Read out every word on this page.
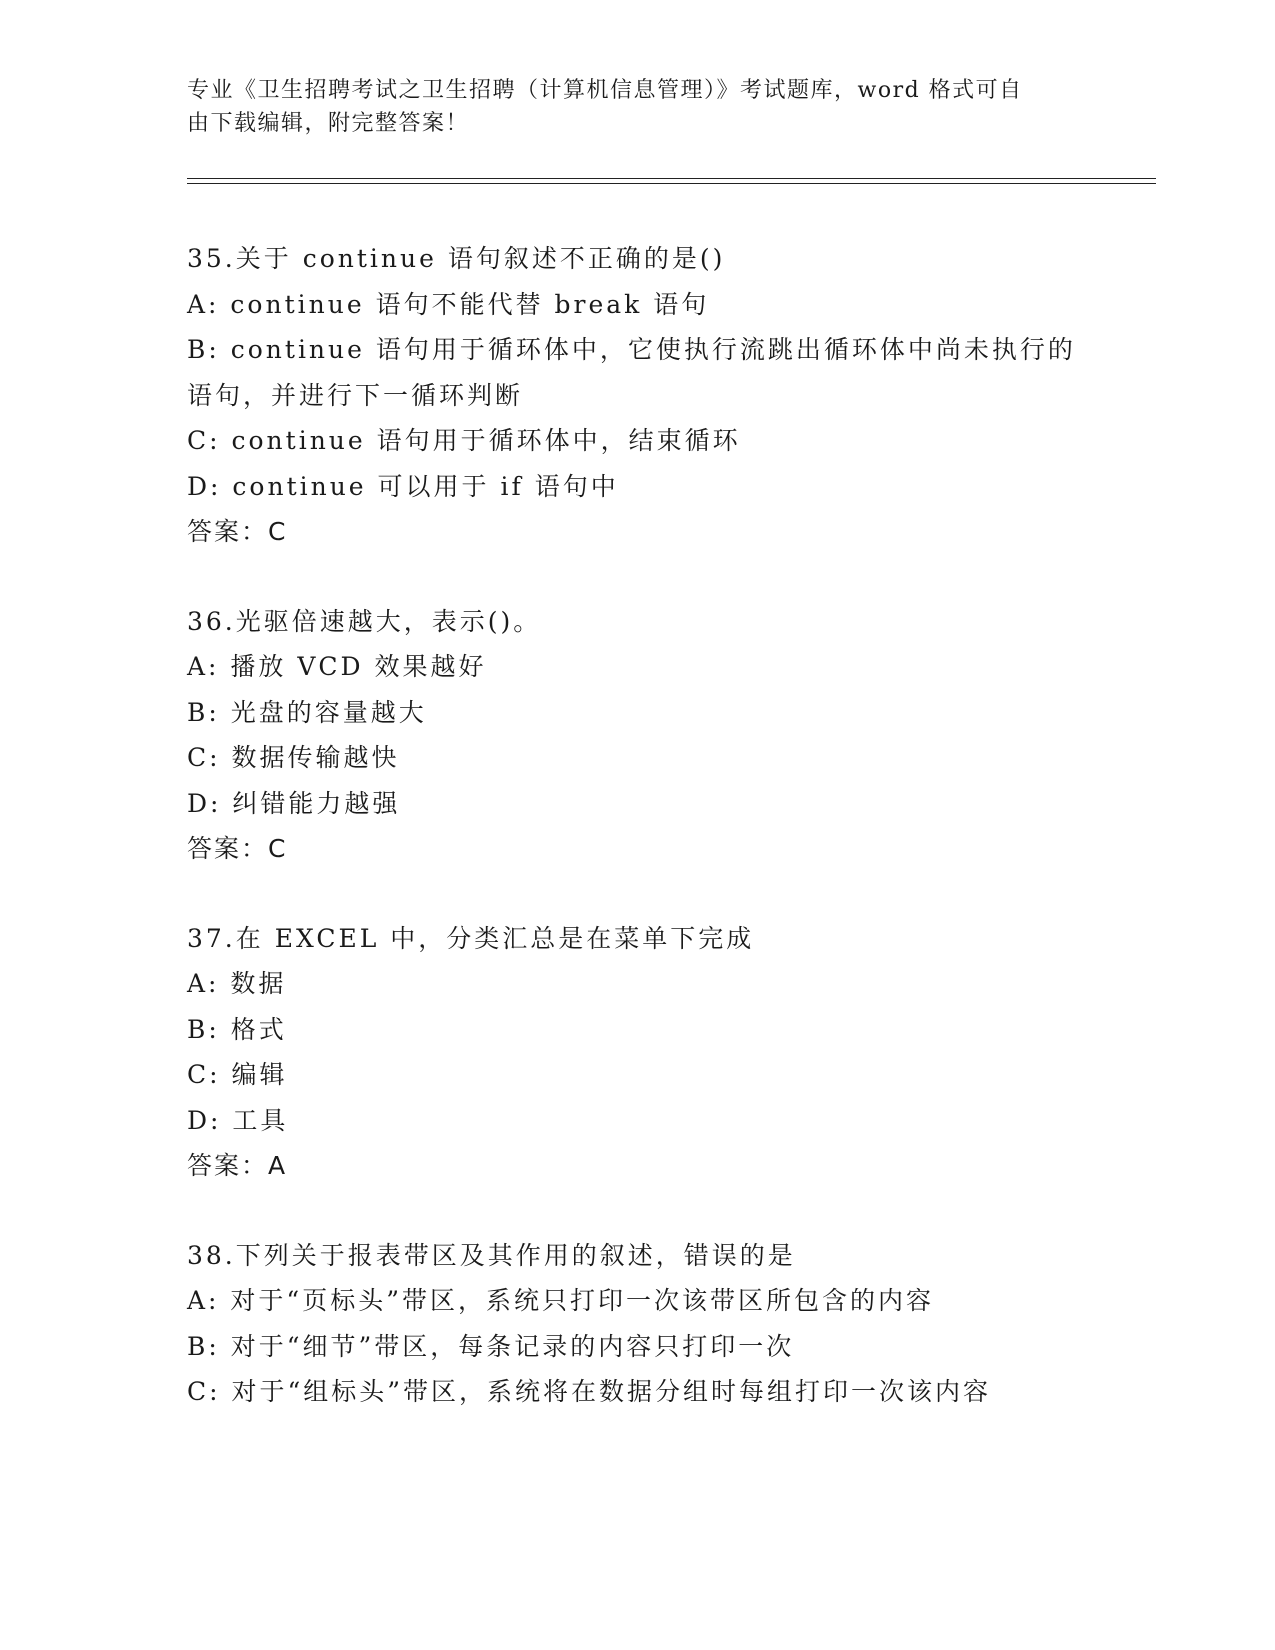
专业《卫生招聘考试之卫生招聘（计算机信息管理）》考试题库，word 格式可自
由下载编辑，附完整答案！
35.关于 continue 语句叙述不正确的是()
A: continue 语句不能代替 break 语句
B: continue 语句用于循环体中，它使执行流跳出循环体中尚未执行的
语句，并进行下一循环判断
C: continue 语句用于循环体中，结束循环
D: continue 可以用于 if 语句中
答案：C
36.光驱倍速越大，表示()。
A: 播放 VCD 效果越好
B: 光盘的容量越大
C: 数据传输越快
D: 纠错能力越强
答案：C
37.在 EXCEL 中，分类汇总是在菜单下完成
A: 数据
B: 格式
C: 编辑
D: 工具
答案：A
38.下列关于报表带区及其作用的叙述，错误的是
A: 对于“页标头”带区，系统只打印一次该带区所包含的内容
B: 对于“细节”带区，每条记录的内容只打印一次
C: 对于“组标头”带区，系统将在数据分组时每组打印一次该内容
